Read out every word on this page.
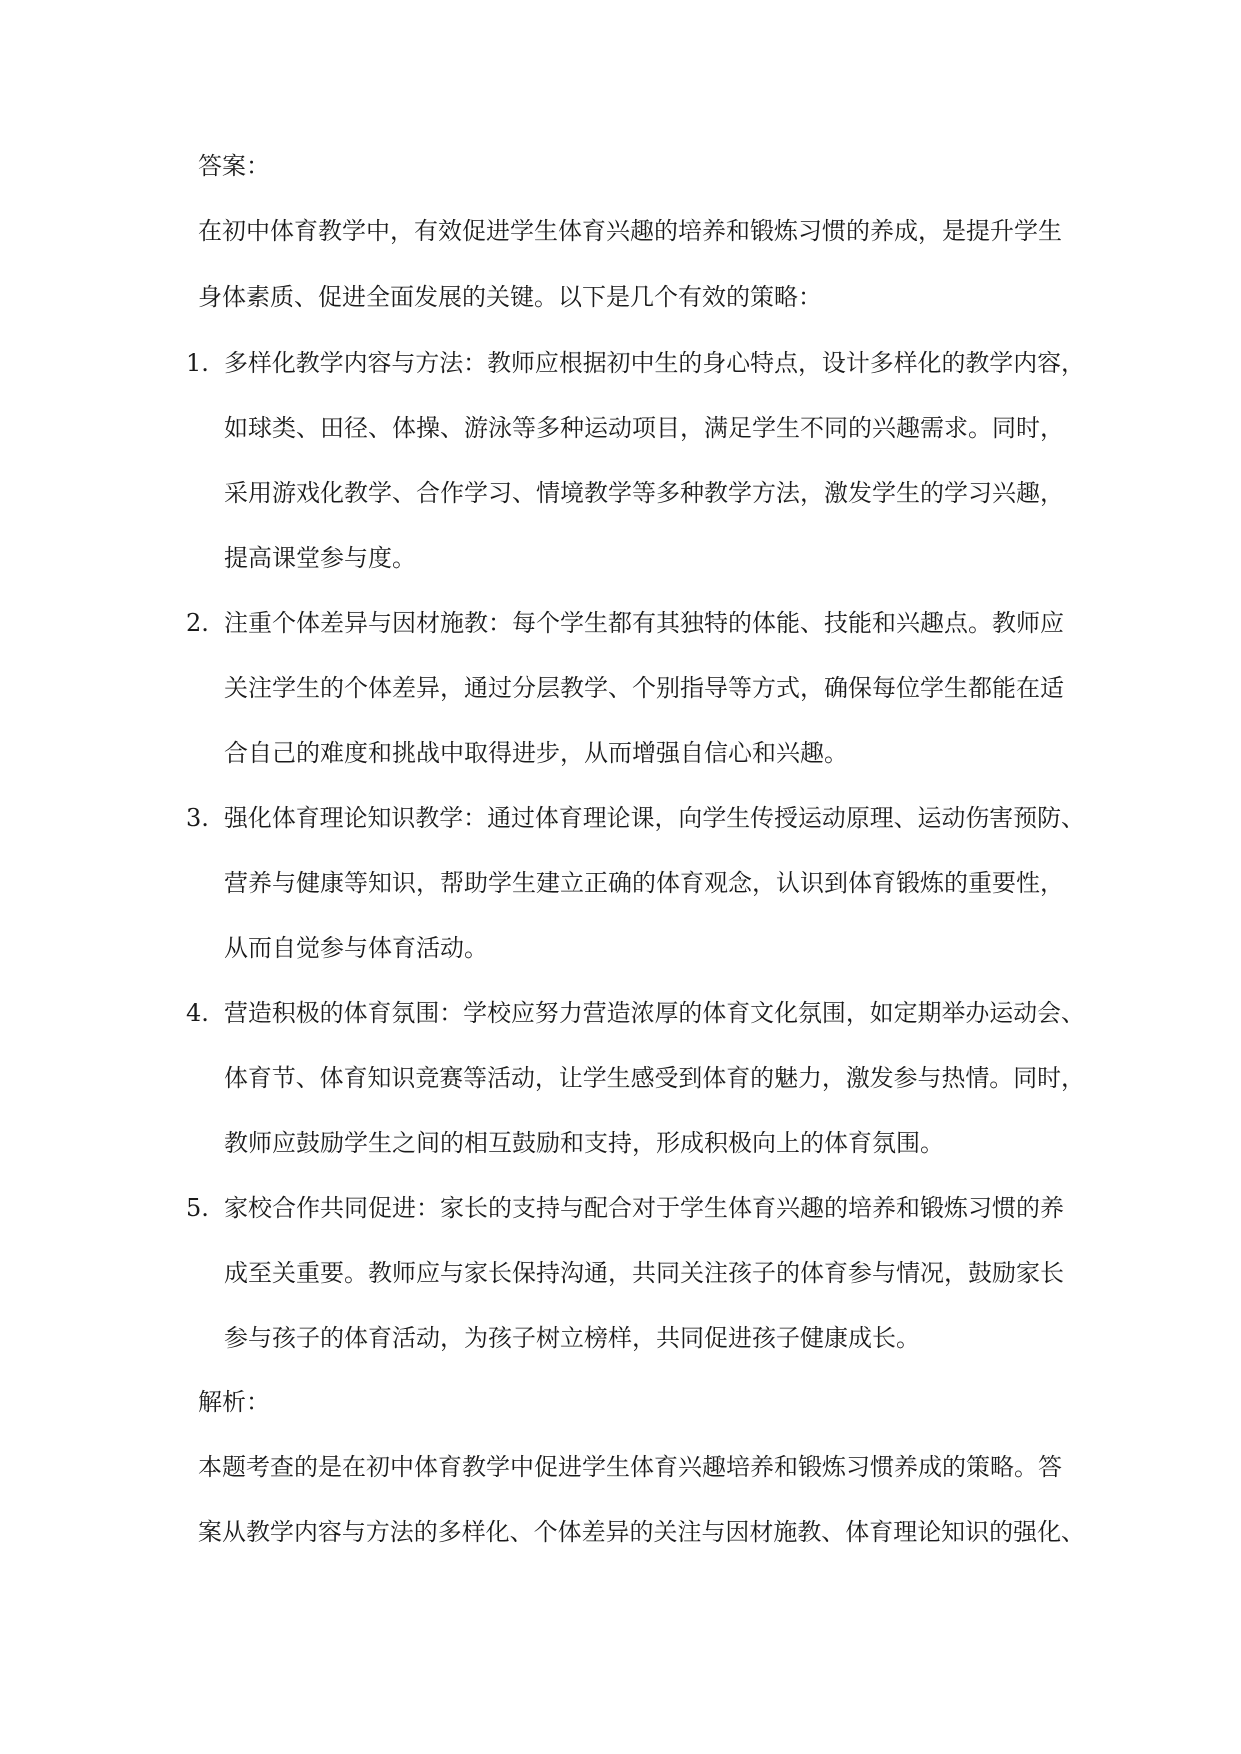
答案：
在初中体育教学中，有效促进学生体育兴趣的培养和锻炼习惯的养成，是提升学生
身体素质、促进全面发展的关键。以下是几个有效的策略：
1. 多样化教学内容与方法：教师应根据初中生的身心特点，设计多样化的教学内容，
如球类、田径、体操、游泳等多种运动项目，满足学生不同的兴趣需求。同时，
采用游戏化教学、合作学习、情境教学等多种教学方法，激发学生的学习兴趣，
提高课堂参与度。
2. 注重个体差异与因材施教：每个学生都有其独特的体能、技能和兴趣点。教师应
关注学生的个体差异，通过分层教学、个别指导等方式，确保每位学生都能在适
合自己的难度和挑战中取得进步，从而增强自信心和兴趣。
3. 强化体育理论知识教学：通过体育理论课，向学生传授运动原理、运动伤害预防、
营养与健康等知识，帮助学生建立正确的体育观念，认识到体育锻炼的重要性，
从而自觉参与体育活动。
4. 营造积极的体育氛围：学校应努力营造浓厚的体育文化氛围，如定期举办运动会、
体育节、体育知识竞赛等活动，让学生感受到体育的魅力，激发参与热情。同时，
教师应鼓励学生之间的相互鼓励和支持，形成积极向上的体育氛围。
5. 家校合作共同促进：家长的支持与配合对于学生体育兴趣的培养和锻炼习惯的养
成至关重要。教师应与家长保持沟通，共同关注孩子的体育参与情况，鼓励家长
参与孩子的体育活动，为孩子树立榜样，共同促进孩子健康成长。
解析：
本题考查的是在初中体育教学中促进学生体育兴趣培养和锻炼习惯养成的策略。答
案从教学内容与方法的多样化、个体差异的关注与因材施教、体育理论知识的强化、
